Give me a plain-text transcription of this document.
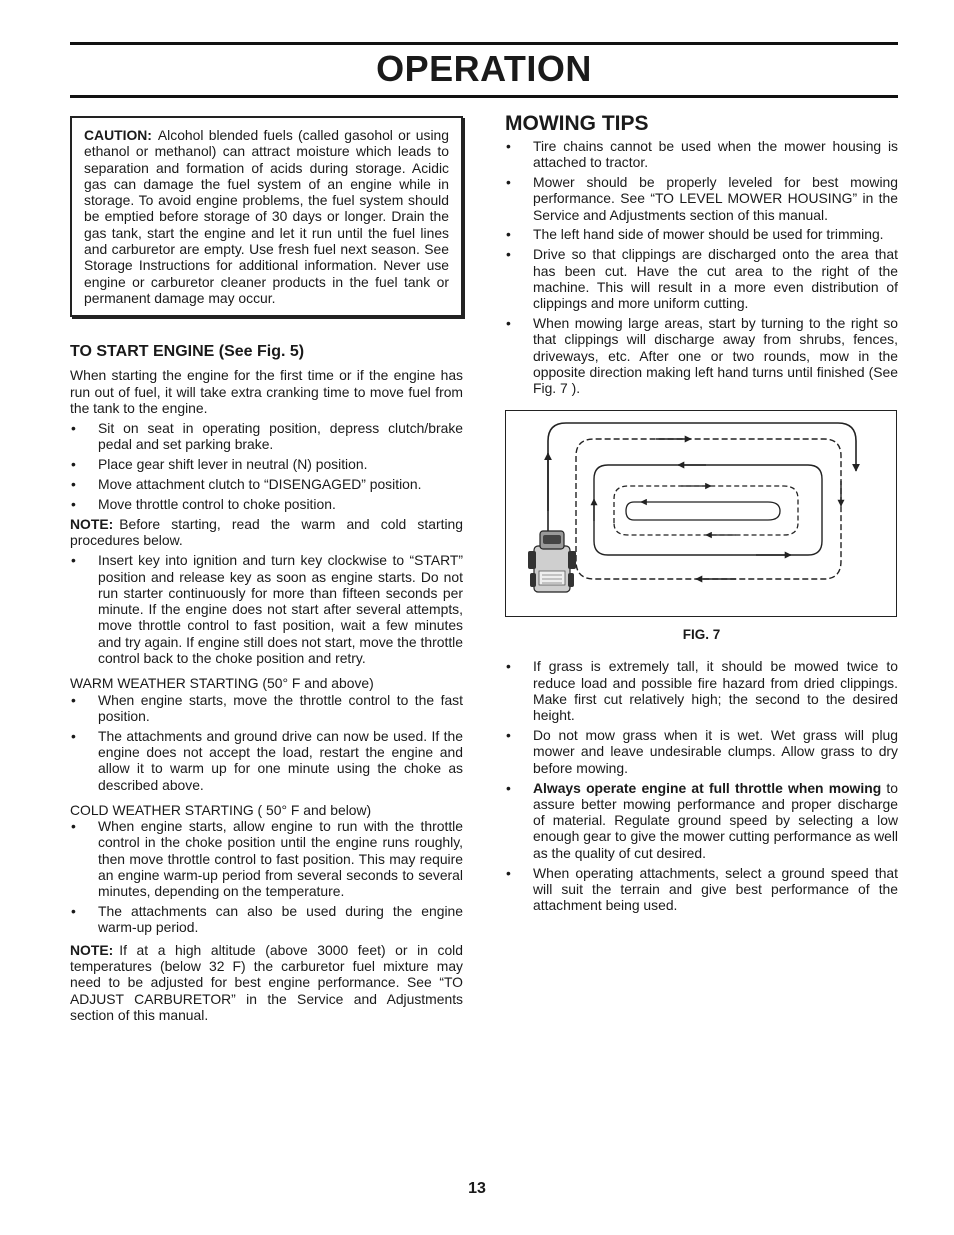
OPERATION

CAUTION: Alcohol blended fuels (called gasohol or using ethanol or methanol) can attract moisture which leads to separation and formation of acids during storage. Acidic gas can damage the fuel system of an engine while in storage. To avoid engine problems, the fuel system should be emptied before storage of 30 days or longer. Drain the gas tank, start the engine and let it run until the fuel lines and carburetor are empty. Use fresh fuel next season. See Storage Instructions for additional information. Never use engine or carburetor cleaner products in the fuel tank or permanent damage may occur.

TO START ENGINE (See Fig. 5)

When starting the engine for the first time or if the engine has run out of fuel, it will take extra cranking time to move fuel from the tank to the engine.

• Sit on seat in operating position, depress clutch/brake pedal and set parking brake.
• Place gear shift lever in neutral (N) position.
• Move attachment clutch to “DISENGAGED” position.
• Move throttle control to choke position.

NOTE: Before starting, read the warm and cold starting procedures below.

• Insert key into ignition and turn key clockwise to “START” position and release key as soon as engine starts. Do not run starter continuously for more than fifteen seconds per minute. If the engine does not start after several attempts, move throttle control to fast position, wait a few minutes and try again. If engine still does not start, move the throttle control back to the choke position and retry.

WARM WEATHER STARTING (50° F and above)

• When engine starts, move the throttle control to the fast position.
• The attachments and ground drive can now be used. If the engine does not accept the load, restart the engine and allow it to warm up for one minute using the choke as described above.

COLD WEATHER STARTING ( 50° F and below)

• When engine starts, allow engine to run with the throttle control in the choke position until the engine runs roughly, then move throttle control to fast position. This may require an engine warm-up period from several seconds to several minutes, depending on the temperature.
• The attachments can also be used during the engine warm-up period.

NOTE: If at a high altitude (above 3000 feet) or in cold temperatures (below 32 F) the carburetor fuel mixture may need to be adjusted for best engine performance. See “TO ADJUST CARBURETOR” in the Service and Adjustments section of this manual.

MOWING TIPS
• Tire chains cannot be used when the mower housing is attached to tractor.
• Mower should be properly leveled for best mowing performance. See “TO LEVEL MOWER HOUSING” in the Service and Adjustments section of this manual.
• The left hand side of mower should be used for trimming.
• Drive so that clippings are discharged onto the area that has been cut. Have the cut area to the right of the machine. This will result in a more even distribution of clippings and more uniform cutting.
• When mowing large areas, start by turning to the right so that clippings will discharge away from shrubs, fences, driveways, etc. After one or two rounds, mow in the opposite direction making left hand turns until finished (See Fig. 7 ).
FIG. 7
• If grass is extremely tall, it should be mowed twice to reduce load and possible fire hazard from dried clippings. Make first cut relatively high; the second to the desired height.
• Do not mow grass when it is wet. Wet grass will plug mower and leave undesirable clumps. Allow grass to dry before mowing.
• Always operate engine at full throttle when mowing to assure better mowing performance and proper discharge of material. Regulate ground speed by selecting a low enough gear to give the mower cutting performance as well as the quality of cut desired.
• When operating attachments, select a ground speed that will suit the terrain and give best performance of the attachment being used.
13
